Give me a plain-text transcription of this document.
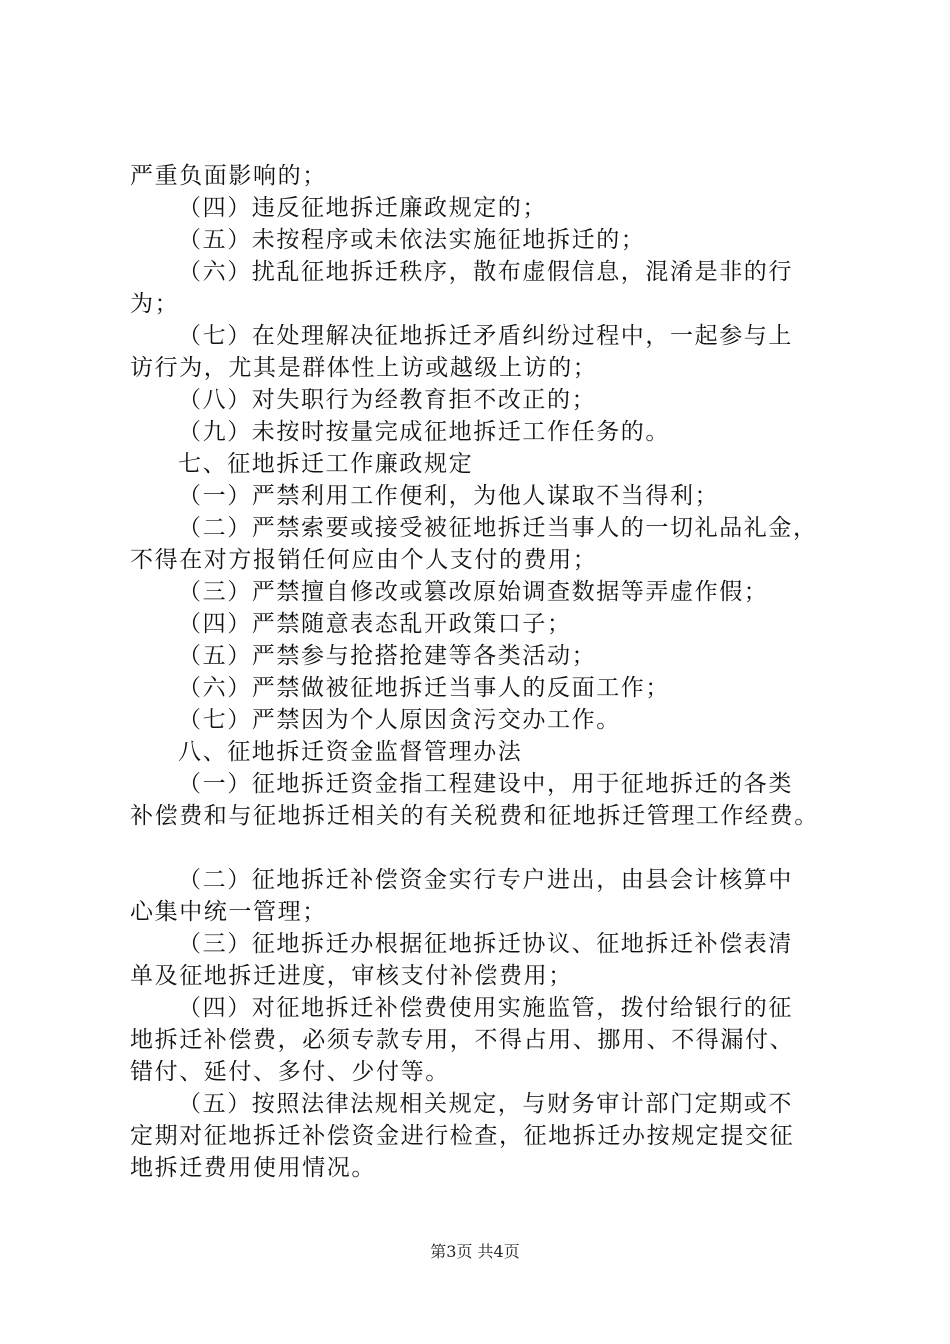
严重负面影响的；
（四）违反征地拆迁廉政规定的；
（五）未按程序或未依法实施征地拆迁的；
（六）扰乱征地拆迁秩序，散布虚假信息，混淆是非的行
为；
（七）在处理解决征地拆迁矛盾纠纷过程中，一起参与上
访行为，尤其是群体性上访或越级上访的；
（八）对失职行为经教育拒不改正的；
（九）未按时按量完成征地拆迁工作任务的。
七、征地拆迁工作廉政规定
（一）严禁利用工作便利，为他人谋取不当得利；
（二）严禁索要或接受被征地拆迁当事人的一切礼品礼金，
不得在对方报销任何应由个人支付的费用；
（三）严禁擅自修改或篡改原始调查数据等弄虚作假；
（四）严禁随意表态乱开政策口子；
（五）严禁参与抢搭抢建等各类活动；
（六）严禁做被征地拆迁当事人的反面工作；
（七）严禁因为个人原因贪污交办工作。
八、征地拆迁资金监督管理办法
（一）征地拆迁资金指工程建设中，用于征地拆迁的各类
补偿费和与征地拆迁相关的有关税费和征地拆迁管理工作经费。
（二）征地拆迁补偿资金实行专户进出，由县会计核算中
心集中统一管理；
（三）征地拆迁办根据征地拆迁协议、征地拆迁补偿表清
单及征地拆迁进度，审核支付补偿费用；
（四）对征地拆迁补偿费使用实施监管，拨付给银行的征
地拆迁补偿费，必须专款专用，不得占用、挪用、不得漏付、
错付、延付、多付、少付等。
（五）按照法律法规相关规定，与财务审计部门定期或不
定期对征地拆迁补偿资金进行检查，征地拆迁办按规定提交征
地拆迁费用使用情况。
第3页 共4页
